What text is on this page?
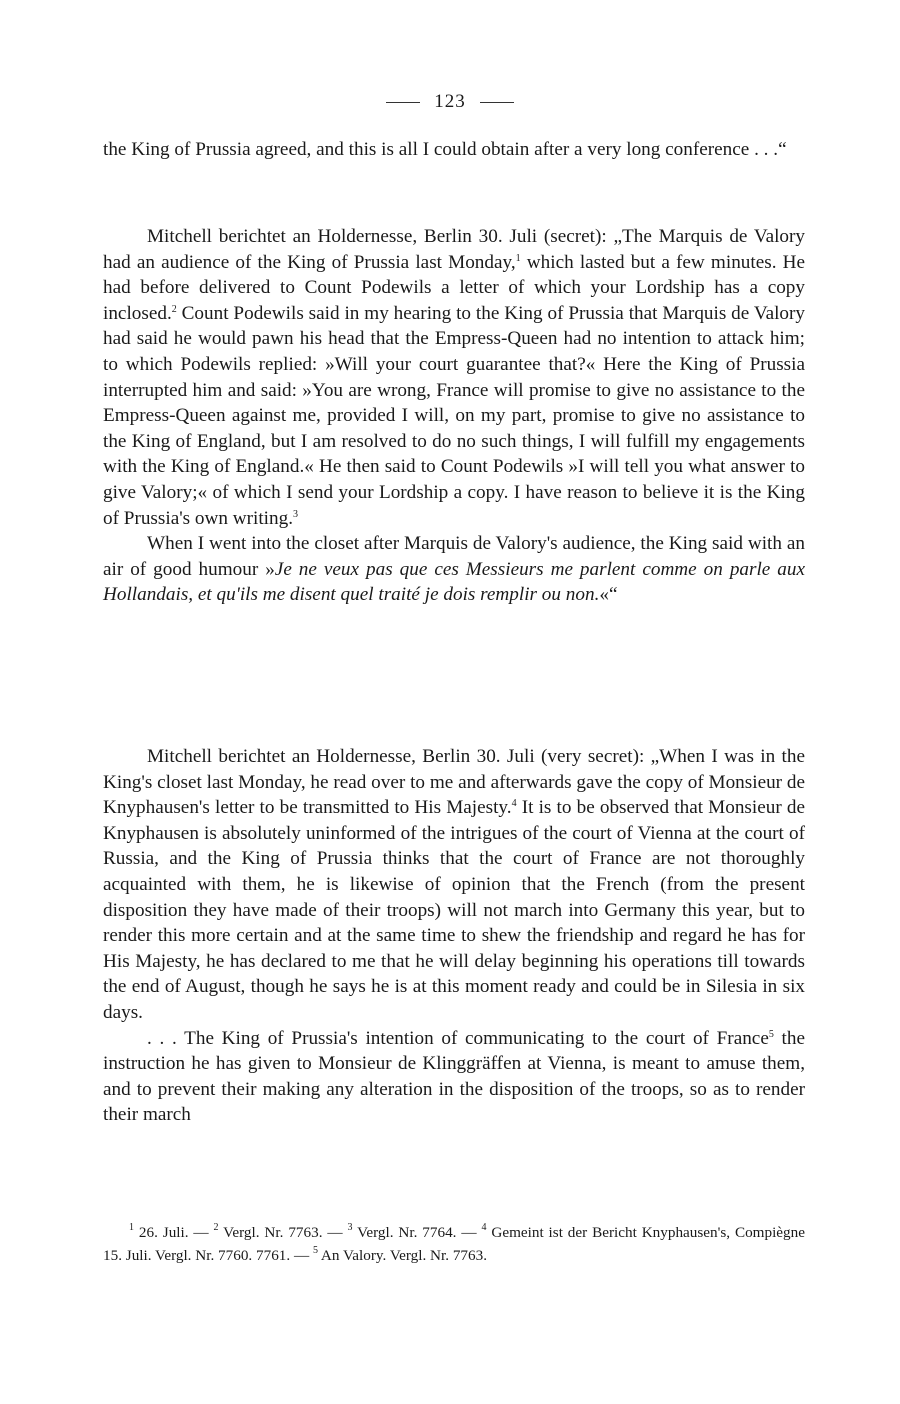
123

the King of Prussia agreed, and this is all I could obtain after a very long conference . . .“

Mitchell berichtet an Holdernesse, Berlin 30. Juli (secret): „The Marquis de Valory had an audience of the King of Prussia last Monday,$^1$ which lasted but a few minutes. He had before delivered to Count Podewils a letter of which your Lordship has a copy inclosed.$^2$ Count Podewils said in my hearing to the King of Prussia that Marquis de Valory had said he would pawn his head that the Empress-Queen had no intention to attack him; to which Podewils replied: »Will your court guarantee that?« Here the King of Prussia interrupted him and said: »You are wrong, France will promise to give no assistance to the Empress-Queen against me, provided I will, on my part, promise to give no assistance to the King of England, but I am resolved to do no such things, I will fulfill my engagements with the King of England.« He then said to Count Podewils »I will tell you what answer to give Valory;« of which I send your Lordship a copy. I have reason to believe it is the King of Prussia's own writing.$^3$

When I went into the closet after Marquis de Valory's audience, the King said with an air of good humour »Je ne veux pas que ces Messieurs me parlent comme on parle aux Hollandais, et qu'ils me disent quel traité je dois remplir ou non.«“

Mitchell berichtet an Holdernesse, Berlin 30. Juli (very secret): „When I was in the King's closet last Monday, he read over to me and afterwards gave the copy of Monsieur de Knyphausen's letter to be transmitted to His Majesty.$^4$ It is to be observed that Monsieur de Knyphausen is absolutely uninformed of the intrigues of the court of Vienna at the court of Russia, and the King of Prussia thinks that the court of France are not thoroughly acquainted with them, he is likewise of opinion that the French (from the present disposition they have made of their troops) will not march into Germany this year, but to render this more certain and at the same time to shew the friendship and regard he has for His Majesty, he has declared to me that he will delay beginning his operations till towards the end of August, though he says he is at this moment ready and could be in Silesia in six days.

. . . The King of Prussia's intention of communicating to the court of France$^5$ the instruction he has given to Monsieur de Klinggräffen at Vienna, is meant to amuse them, and to prevent their making any alteration in the disposition of the troops, so as to render their march

$^1$ 26. Juli. — $^2$ Vergl. Nr. 7763. — $^3$ Vergl. Nr. 7764. — $^4$ Gemeint ist der Bericht Knyphausen's, Compiègne 15. Juli. Vergl. Nr. 7760. 7761. — $^5$ An Valory. Vergl. Nr. 7763.
